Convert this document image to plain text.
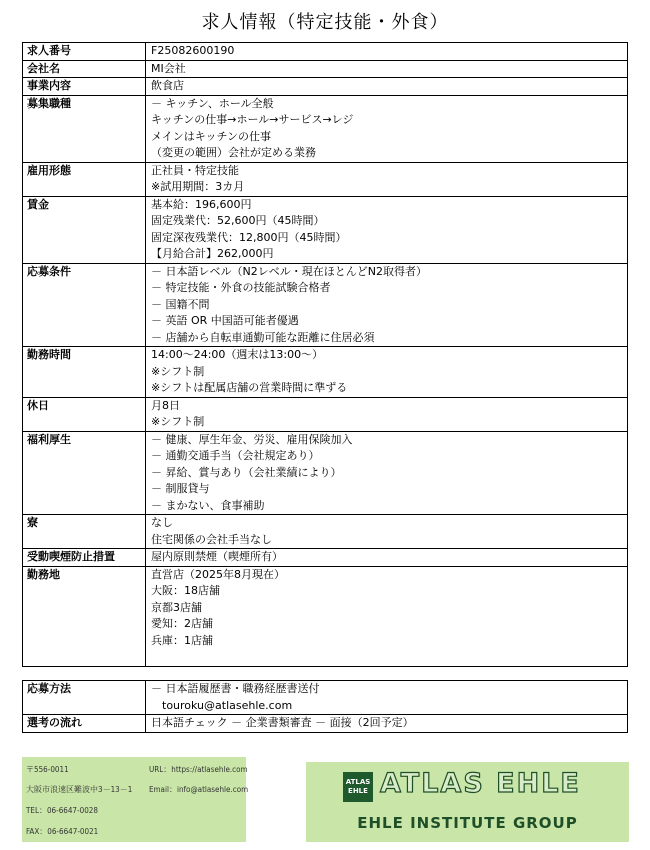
求人情報（特定技能・外食）
求人番号	F25082600190

会社名	MI会社

事業内容	飲食店

募集職種	－ キッチン、ホール全般
キッチンの仕事→ホール→サービス→レジ
メインはキッチンの仕事
（変更の範囲）会社が定める業務

雇用形態	正社員・特定技能
※試用期間：3カ月

賃金	基本給：196,600円
固定残業代：52,600円（45時間）
固定深夜残業代：12,800円（45時間）
【月給合計】262,000円

応募条件	－ 日本語レベル（N2レベル・現在ほとんどN2取得者）
－ 特定技能・外食の技能試験合格者
－ 国籍不問
－ 英語 OR 中国語可能者優遇
－ 店舗から自転車通勤可能な距離に住居必須

勤務時間	14:00～24:00（週末は13:00～）
※シフト制
※シフトは配属店舗の営業時間に準ずる

休日	月8日
※シフト制

福利厚生	－ 健康、厚生年金、労災、雇用保険加入
－ 通勤交通手当（会社規定あり）
－ 昇給、賞与あり（会社業績により）
－ 制服貸与
－ まかない、食事補助

寮	なし
住宅関係の会社手当なし

受動喫煙防止措置	屋内原則禁煙（喫煙所有）

勤務地	直営店（2025年8月現在）
大阪：18店舗
京都3店舗
愛知：2店舗
兵庫：1店舗

応募方法	－ 日本語履歴書・職務経歴書送付
　touroku@atlasehle.com

選考の流れ	日本語チェック － 企業書類審査 － 面接（2回予定）
〒556-0011
大阪市浪速区難波中3－13－1
TEL：06-6647-0028
FAX：06-6647-0021
URL：https://atlasehle.com
Email：info@atlasehle.com
ATLAS EHLE ATLAS EHLE
EHLE INSTITUTE GROUP
